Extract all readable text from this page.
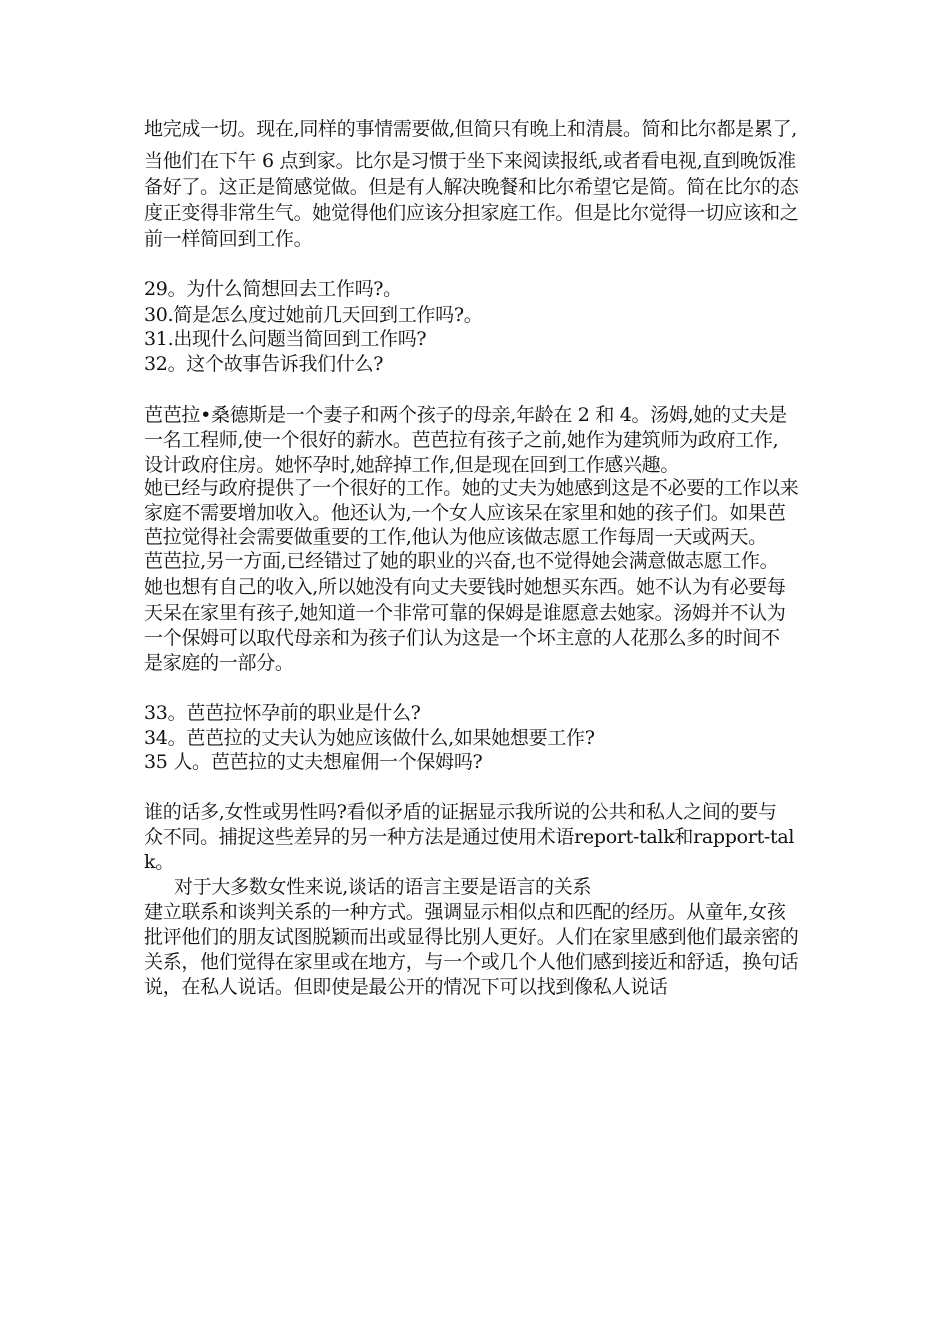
地完成一切。现在,同样的事情需要做,但简只有晚上和清晨。简和比尔都是累了,
当他们在下午 6 点到家。比尔是习惯于坐下来阅读报纸,或者看电视,直到晚饭准
备好了。这正是简感觉做。但是有人解决晚餐和比尔希望它是简。简在比尔的态
度正变得非常生气。她觉得他们应该分担家庭工作。但是比尔觉得一切应该和之
前一样简回到工作。
29。为什么简想回去工作吗?。
30.简是怎么度过她前几天回到工作吗?。
31.出现什么问题当简回到工作吗?
32。这个故事告诉我们什么?
芭芭拉•桑德斯是一个妻子和两个孩子的母亲,年龄在 2 和 4。汤姆,她的丈夫是
一名工程师,使一个很好的薪水。芭芭拉有孩子之前,她作为建筑师为政府工作,
设计政府住房。她怀孕时,她辞掉工作,但是现在回到工作感兴趣。
她已经与政府提供了一个很好的工作。她的丈夫为她感到这是不必要的工作以来
家庭不需要增加收入。他还认为,一个女人应该呆在家里和她的孩子们。如果芭
芭拉觉得社会需要做重要的工作,他认为他应该做志愿工作每周一天或两天。
芭芭拉,另一方面,已经错过了她的职业的兴奋,也不觉得她会满意做志愿工作。
她也想有自己的收入,所以她没有向丈夫要钱时她想买东西。她不认为有必要每
天呆在家里有孩子,她知道一个非常可靠的保姆是谁愿意去她家。汤姆并不认为
一个保姆可以取代母亲和为孩子们认为这是一个坏主意的人花那么多的时间不
是家庭的一部分。
33。芭芭拉怀孕前的职业是什么?
34。芭芭拉的丈夫认为她应该做什么,如果她想要工作?
35 人。芭芭拉的丈夫想雇佣一个保姆吗?
谁的话多,女性或男性吗?看似矛盾的证据显示我所说的公共和私人之间的要与
众不同。捕捉这些差异的另一种方法是通过使用术语report-talk和rapport-tal
k。
对于大多数女性来说,谈话的语言主要是语言的关系
建立联系和谈判关系的一种方式。强调显示相似点和匹配的经历。从童年,女孩
批评他们的朋友试图脱颖而出或显得比别人更好。人们在家里感到他们最亲密的
关系，他们觉得在家里或在地方，与一个或几个人他们感到接近和舒适，换句话
说，在私人说话。但即使是最公开的情况下可以找到像私人说话
